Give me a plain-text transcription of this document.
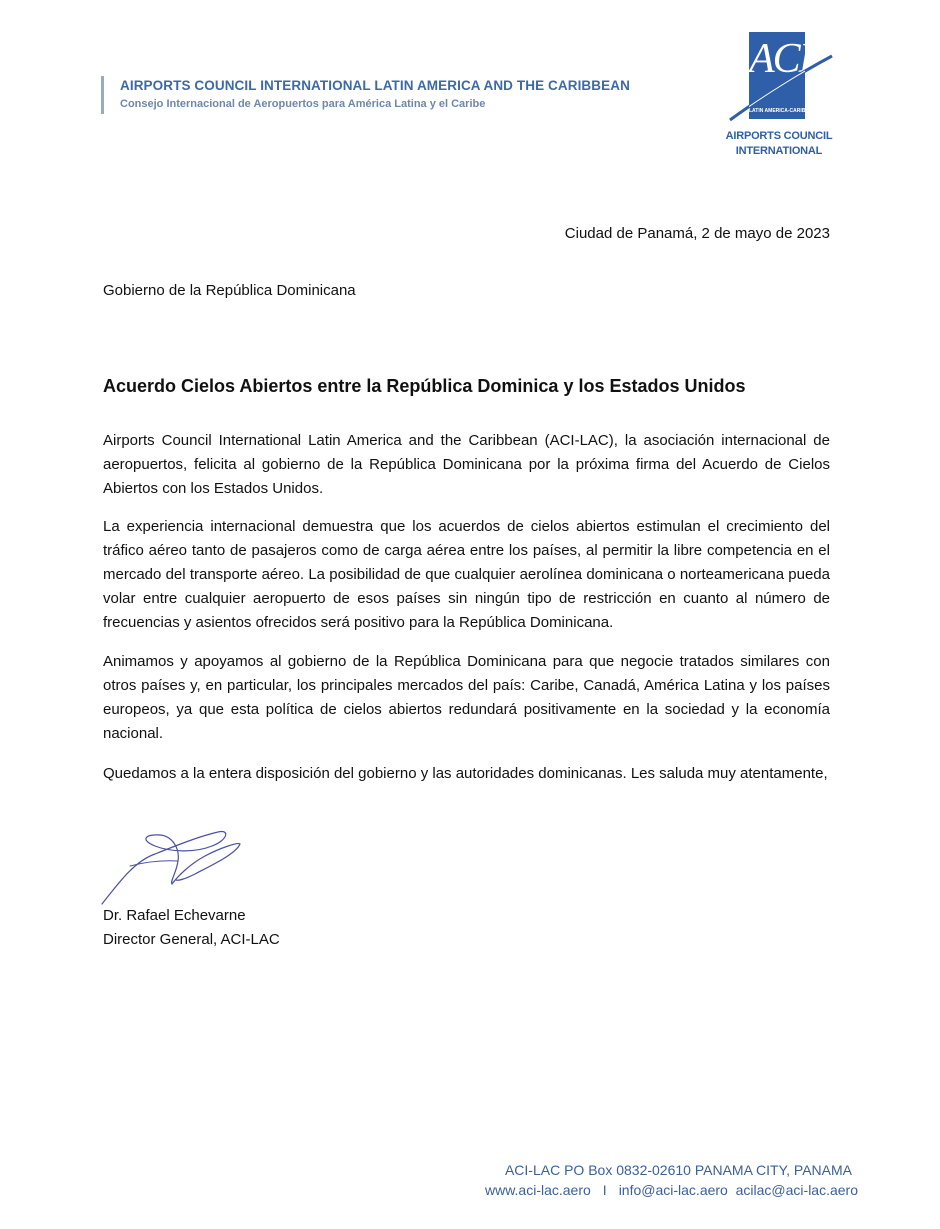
AIRPORTS COUNCIL INTERNATIONAL LATIN AMERICA AND THE CARIBBEAN
Consejo Internacional de Aeropuertos para América Latina y el Caribe
ACI
LATIN AMERICA-CARIBBEAN
AIRPORTS COUNCIL
INTERNATIONAL
Ciudad de Panamá, 2 de mayo de 2023
Gobierno de la República Dominicana
Acuerdo Cielos Abiertos entre la República Dominica y los Estados Unidos
Airports Council International Latin America and the Caribbean (ACI-LAC), la asociación internacional de aeropuertos, felicita al gobierno de la República Dominicana por la próxima firma del Acuerdo de Cielos Abiertos con los Estados Unidos.
La experiencia internacional demuestra que los acuerdos de cielos abiertos estimulan el crecimiento del tráfico aéreo tanto de pasajeros como de carga aérea entre los países, al permitir la libre competencia en el mercado del transporte aéreo. La posibilidad de que cualquier aerolínea dominicana o norteamericana pueda volar entre cualquier aeropuerto de esos países sin ningún tipo de restricción en cuanto al número de frecuencias y asientos ofrecidos será positivo para la República Dominicana.
Animamos y apoyamos al gobierno de la República Dominicana para que negocie tratados similares con otros países y, en particular, los principales mercados del país: Caribe, Canadá, América Latina y los países europeos, ya que esta política de cielos abiertos redundará positivamente en la sociedad y la economía nacional.
Quedamos a la entera disposición del gobierno y las autoridades dominicanas. Les saluda muy atentamente,
Dr. Rafael Echevarne
Director General, ACI-LAC
ACI-LAC PO Box 0832-02610 PANAMA CITY, PANAMA
www.aci-lac.aero I info@aci-lac.aero acilac@aci-lac.aero
